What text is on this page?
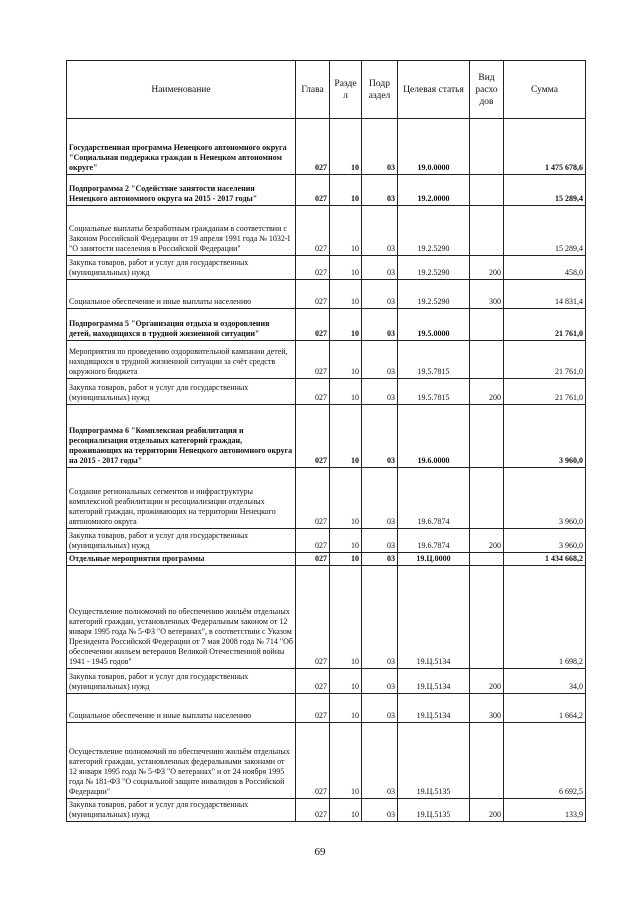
Наименование	Глава	Разде л	Подр аздел	Целевая статья	Вид расхо дов	Сумма
Государственная программа Ненецкого автономного округа "Социальная поддержка граждан в Ненецком автономном округе"	027	10	03	19.0.0000		1 475 678,6
Подпрограмма 2 "Содействие занятости населения Ненецкого автономного округа на 2015 - 2017 годы"	027	10	03	19.2.0000		15 289,4
Социальные выплаты безработным гражданам в соответствии с Законом Российской Федерации от 19 апреля 1991 года № 1032-I "О занятости населения в Российской Федерации"	027	10	03	19.2.5290		15 289,4
Закупка товаров, работ и услуг для государственных (муниципальных) нужд	027	10	03	19.2.5290	200	458,0
Социальное обеспечение и иные выплаты населению	027	10	03	19.2.5290	300	14 831,4
Подпрограмма 5 "Организация отдыха и оздоровления детей, находящихся в трудной жизненной ситуации"	027	10	03	19.5.0000		21 761,0
Мероприятия по проведению оздоровительной кампании детей, находящихся в трудной жизненной ситуации за счёт средств окружного бюджета	027	10	03	19.5.7815		21 761,0
Закупка товаров, работ и услуг для государственных (муниципальных) нужд	027	10	03	19.5.7815	200	21 761,0
Подпрограмма 6 "Комплексная реабилитация и ресоциализация отдельных категорий граждан, проживающих на территории Ненецкого автономного округа на 2015 - 2017 годы"	027	10	03	19.6.0000		3 960,0
Создание региональных сегментов и инфраструктуры комплексной реабилитации и ресоциализации отдельных категорий граждан, проживающих на территории Ненецкого автономного округа	027	10	03	19.6.7874		3 960,0
Закупка товаров, работ и услуг для государственных (муниципальных) нужд	027	10	03	19.6.7874	200	3 960,0
Отдельные мероприятия программы	027	10	03	19.Ц.0000		1 434 668,2
Осуществление полномочий по обеспечению жильём отдельных категорий граждан, установленных Федеральным законом от 12 января 1995 года № 5-ФЗ "О ветеранах", в соответствии с Указом Президента Российской Федерации от 7 мая 2008 года № 714 "Об обеспечении жильем ветеранов Великой Отечественной войны 1941 - 1945 годов"	027	10	03	19.Ц.5134		1 698,2
Закупка товаров, работ и услуг для государственных (муниципальных) нужд	027	10	03	19.Ц.5134	200	34,0
Социальное обеспечение и иные выплаты населению	027	10	03	19.Ц.5134	300	1 664,2
Осуществление полномочий по обеспечению жильём отдельных категорий граждан, установленных федеральными законами от 12 января 1995 года № 5-ФЗ "О ветеранах" и от 24 ноября 1995 года № 181-ФЗ "О социальной защите инвалидов в Российской Федерации"	027	10	03	19.Ц.5135		6 692,5
Закупка товаров, работ и услуг для государственных (муниципальных) нужд	027	10	03	19.Ц.5135	200	133,9
69
